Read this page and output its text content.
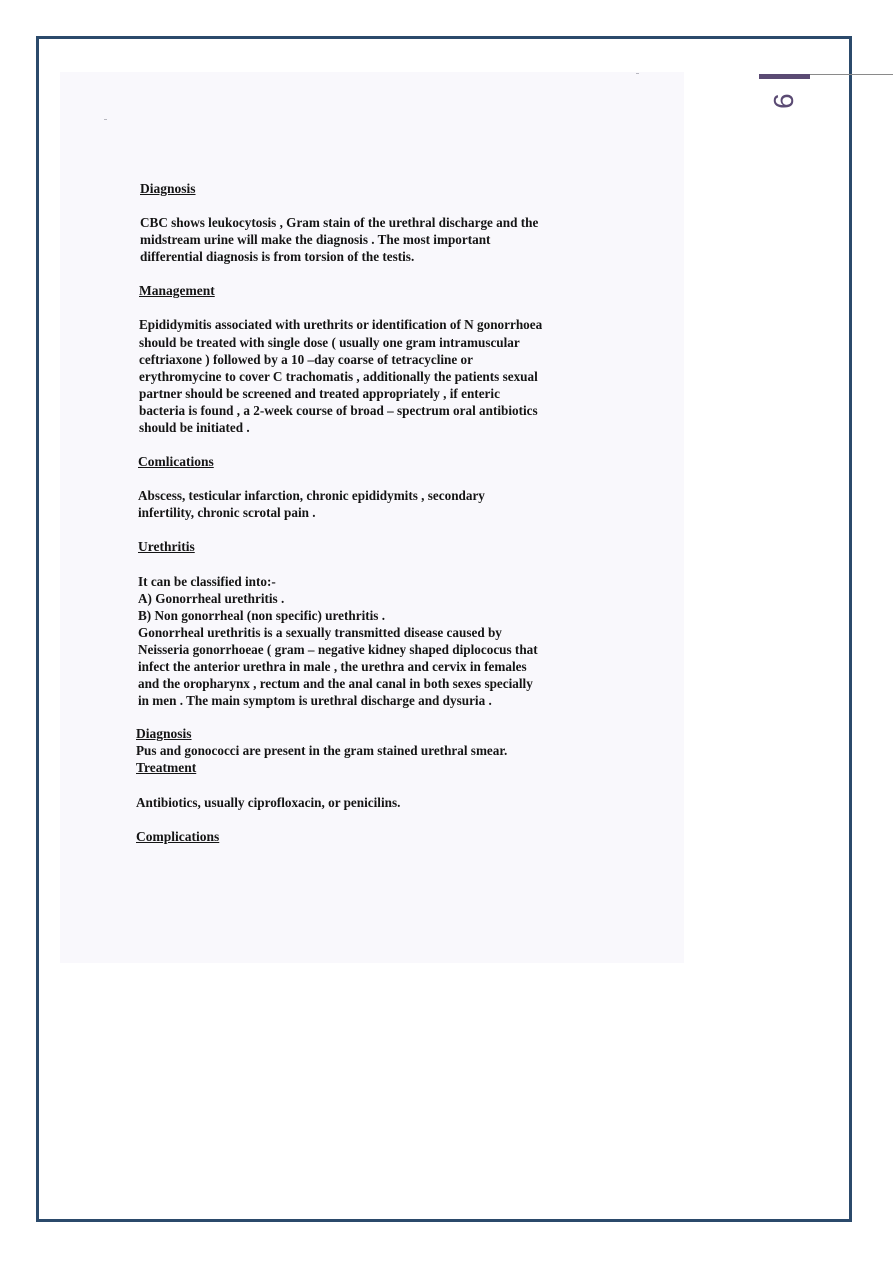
9

Diagnosis

CBC shows leukocytosis , Gram stain of the urethral discharge and the
midstream urine will make the diagnosis . The most important
differential diagnosis is from torsion of the testis.

Management

Epididymitis associated with urethrits or identification of N gonorrhoea
should be treated with single dose ( usually one gram intramuscular
ceftriaxone ) followed by a 10 –day coarse of tetracycline or
erythromycine to cover C trachomatis , additionally the patients sexual
partner should be screened and treated appropriately , if enteric
bacteria is found , a 2-week course of broad – spectrum oral antibiotics
should be initiated .

Comlications

Abscess, testicular infarction, chronic epididymits , secondary
infertility, chronic scrotal pain .

Urethritis

It can be classified into:-
A) Gonorrheal urethritis .
B) Non gonorrheal (non specific) urethritis .
Gonorrheal urethritis is a sexually transmitted disease caused by
Neisseria gonorrhoeae ( gram – negative kidney shaped diplococus that
infect the anterior urethra in male , the urethra and cervix in females
and the oropharynx , rectum and the anal canal in both sexes specially
in men . The main symptom is urethral discharge and dysuria .

Diagnosis

Pus and gonococci are present in the gram stained urethral smear.

Treatment

Antibiotics, usually ciprofloxacin, or penicilins.

Complications
